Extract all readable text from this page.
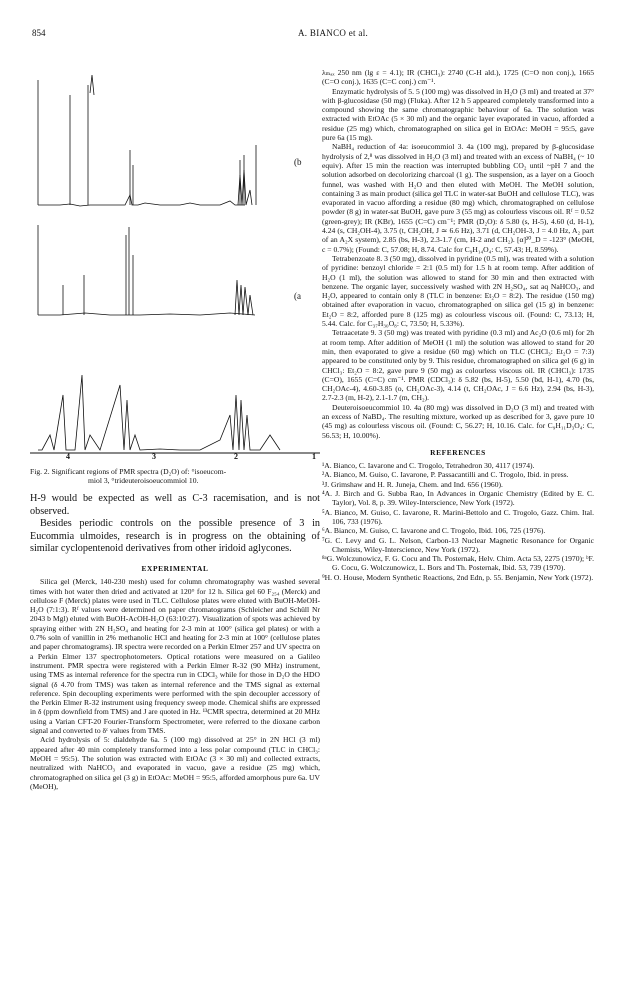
854	A. BIANCO et al.
(b
(a
4	3	2	1
Fig. 2. Significant regions of PMR spectra (D₂O) of: °isoeucom-
miol 3, °trideuteroisoeucommiol 10.

H-9 would be expected as well as C-3 racemisation, and is not observed.

Besides periodic controls on the possible presence of 3 in Eucommia ulmoides, research is in progress on the obtaining of similar cyclopentenoid derivatives from other iridoid aglycones.

EXPERIMENTAL

Silica gel (Merck, 140-230 mesh) used for column chromatography was washed several times with hot water then dried and activated at 120° for 12 h. Silica gel 60 F₂₅₄ (Merck) and cellulose F (Merck) plates were used in TLC. Cellulose plates were eluted with BuOH-MeOH-H₂O (7:1:3). Rᶠ values were determined on paper chromatograms (Schleicher and Schüll Nr 2043 b Mgl) eluted with BuOH-AcOH-H₂O (63:10:27). Visualization of spots was achieved by spraying either with 2N H₂SO₄ and heating for 2-3 min at 100° (silica gel plates) or with a 0.7% soln of vanillin in 2% methanolic HCl and heating for 2-3 min at 100° (cellulose plates and paper chromatograms). IR spectra were recorded on a Perkin Elmer 257 and UV spectra on a Perkin Elmer 137 spectrophotometers. Optical rotations were measured on a Galileo instrument. PMR spectra were registered with a Perkin Elmer R-32 (90 MHz) instrument, using TMS as internal reference for the spectra run in CDCl₃ while for those in D₂O the HDO signal (δ 4.70 from TMS) was taken as internal reference and the TMS signal as external reference. Spin decoupling experiments were performed with the spin decoupler accessory of the Perkin Elmer R-32 instrument using frequency sweep mode. Chemical shifts are expressed in δ (ppm downfield from TMS) and J are quoted in Hz. ¹³CMR spectra, determined at 20 MHz using a Varian CFT-20 Fourier-Transform Spectrometer, were referred to the dioxane carbon signal and converted to δᶜ values from TMS.

Acid hydrolysis of 5: dialdehyde 6a. 5 (100 mg) dissolved at 25° in 2N HCl (3 ml) appeared after 40 min completely transformed into a less polar compound (TLC in CHCl₃: MeOH = 95:5). The solution was extracted with EtOAc (3 × 30 ml) and collected extracts, neutralized with NaHCO₃ and evaporated in vacuo, gave a residue (25 mg) which, chromatographed on silica gel (3 g) in EtOAc: MeOH = 95:5, afforded amorphous pure 6a. UV (MeOH),

λₘₐₓ 250 nm (lg ε = 4.1); IR (CHCl₃): 2740 (C-H ald.), 1725 (C=O non conj.), 1665 (C=O conj.), 1635 (C=C conj.) cm⁻¹.

Enzymatic hydrolysis of 5. 5 (100 mg) was dissolved in H₂O (3 ml) and treated at 37° with β-glucosidase (50 mg) (Fluka). After 12 h 5 appeared completely transformed into a compound showing the same chromatographic behaviour of 6a. The solution was extracted with EtOAc (5 × 30 ml) and the organic layer evaporated in vacuo, afforded a residue (25 mg) which, chromatographed on silica gel in EtOAc: MeOH = 95:5, gave pure 6a (15 mg).

NaBH₄ reduction of 4a: isoeucommiol 3. 4a (100 mg), prepared by β-glucosidase hydrolysis of 2,⁸ was dissolved in H₂O (3 ml) and treated with an excess of NaBH₄ (~ 10 equiv). After 15 min the reaction was interrupted bubbling CO₂ until ~pH 7 and the solution adsorbed on decolorizing charcoal (1 g). The suspension, as a layer on a Gooch funnel, was washed with H₂O and then eluted with MeOH. The MeOH solution, containing 3 as main product (silica gel TLC in water-sat BuOH and cellulose TLC), was evaporated in vacuo affording a residue (80 mg) which, chromatographed on cellulose powder (8 g) in water-sat BuOH, gave pure 3 (55 mg) as colourless viscous oil. Rᶠ = 0.52 (green-grey); IR (KBr), 1655 (C=C) cm⁻¹; PMR (D₂O): δ 5.80 (s, H-5), 4.60 (d, H-1), 4.24 (s, CH₂OH-4), 3.75 (t, CH₂OH, J ≃ 6.6 Hz), 3.71 (d, CH₂OH-3, J = 4.0 Hz, A₂ part of an A₂X system), 2.85 (bs, H-3), 2.3-1.7 (cm, H-2 and CH₂). [α]²⁰_D = -123° (MeOH, c = 0.7%); (Found: C, 57.08; H, 8.74. Calc for C₉H₁₄O₄: C, 57.43; H, 8.59%).

Tetrabenzoate 8. 3 (50 mg), dissolved in pyridine (0.5 ml), was treated with a solution of pyridine: benzoyl chloride = 2:1 (0.5 ml) for 1.5 h at room temp. After addition of H₂O (1 ml), the solution was allowed to stand for 30 min and then extracted with benzene. The organic layer, successively washed with 2N H₂SO₄, sat aq NaHCO₃, and H₂O, appeared to contain only 8 (TLC in benzene: Et₂O = 8:2). The residue (150 mg) obtained after evaporation in vacuo, chromatographed on silica gel (15 g) in benzene: Et₂O = 8:2, afforded pure 8 (125 mg) as colourless viscous oil. (Found: C, 73.13; H, 5.44. Calc. for C₃₇H₃₀O₈: C, 73.50; H, 5.33%).

Tetraacetate 9. 3 (50 mg) was treated with pyridine (0.3 ml) and Ac₂O (0.6 ml) for 2h at room temp. After addition of MeOH (1 ml) the solution was allowed to stand for 20 min, then evaporated to give a residue (60 mg) which on TLC (CHCl₃: Et₂O = 7:3) appeared to be constituted only by 9. This residue, chromatographed on silica gel (6 g) in CHCl₃: Et₂O = 8:2, gave pure 9 (50 mg) as colourless viscous oil. IR (CHCl₃): 1735 (C=O), 1655 (C=C) cm⁻¹. PMR (CDCl₃): δ 5.82 (bs, H-5), 5.50 (bd, H-1), 4.70 (bs, CH₂OAc-4), 4.60-3.85 (o, CH₂OAc-3), 4.14 (t, CH₂OAc, J = 6.6 Hz), 2.94 (bs, H-3), 2.7-2.3 (m, H-2), 2.1-1.7 (m, CH₂).

Deuteroisoeucommiol 10. 4a (80 mg) was dissolved in D₂O (3 ml) and treated with an excess of NaBD₄. The resulting mixture, worked up as described for 3, gave pure 10 (45 mg) as colourless viscous oil. (Found: C, 56.27; H, 10.16. Calc. for C₉H₁₁D₃O₄: C, 56.53; H, 10.00%).

REFERENCES
¹A. Bianco, C. Iavarone and C. Trogolo, Tetrahedron 30, 4117 (1974).
²A. Bianco, M. Guiso, C. Iavarone, P. Passacantilli and C. Trogolo, Ibid. in press.
³J. Grimshaw and H. R. Juneja, Chem. and Ind. 656 (1960).
⁴A. J. Birch and G. Subba Rao, In Advances in Organic Chemistry (Edited by E. C. Taylor), Vol. 8, p. 39. Wiley-Interscience, New York (1972).
⁵A. Bianco, M. Guiso, C. Iavarone, R. Marini-Bettolo and C. Trogolo, Gazz. Chim. Ital. 106, 733 (1976).
⁶A. Bianco, M. Guiso, C. Iavarone and C. Trogolo, Ibid. 106, 725 (1976).
⁷G. C. Levy and G. L. Nelson, Carbon-13 Nuclear Magnetic Resonance for Organic Chemists, Wiley-Interscience, New York (1972).
⁸ᵃG. Wolczunowicz, F. G. Cocu and Th. Posternak, Helv. Chim. Acta 53, 2275 (1970); ᵇF. G. Cocu, G. Wolczunowicz, L. Bors and Th. Posternak, Ibid. 53, 739 (1970).
⁹H. O. House, Modern Synthetic Reactions, 2nd Edn, p. 55. Benjamin, New York (1972).
